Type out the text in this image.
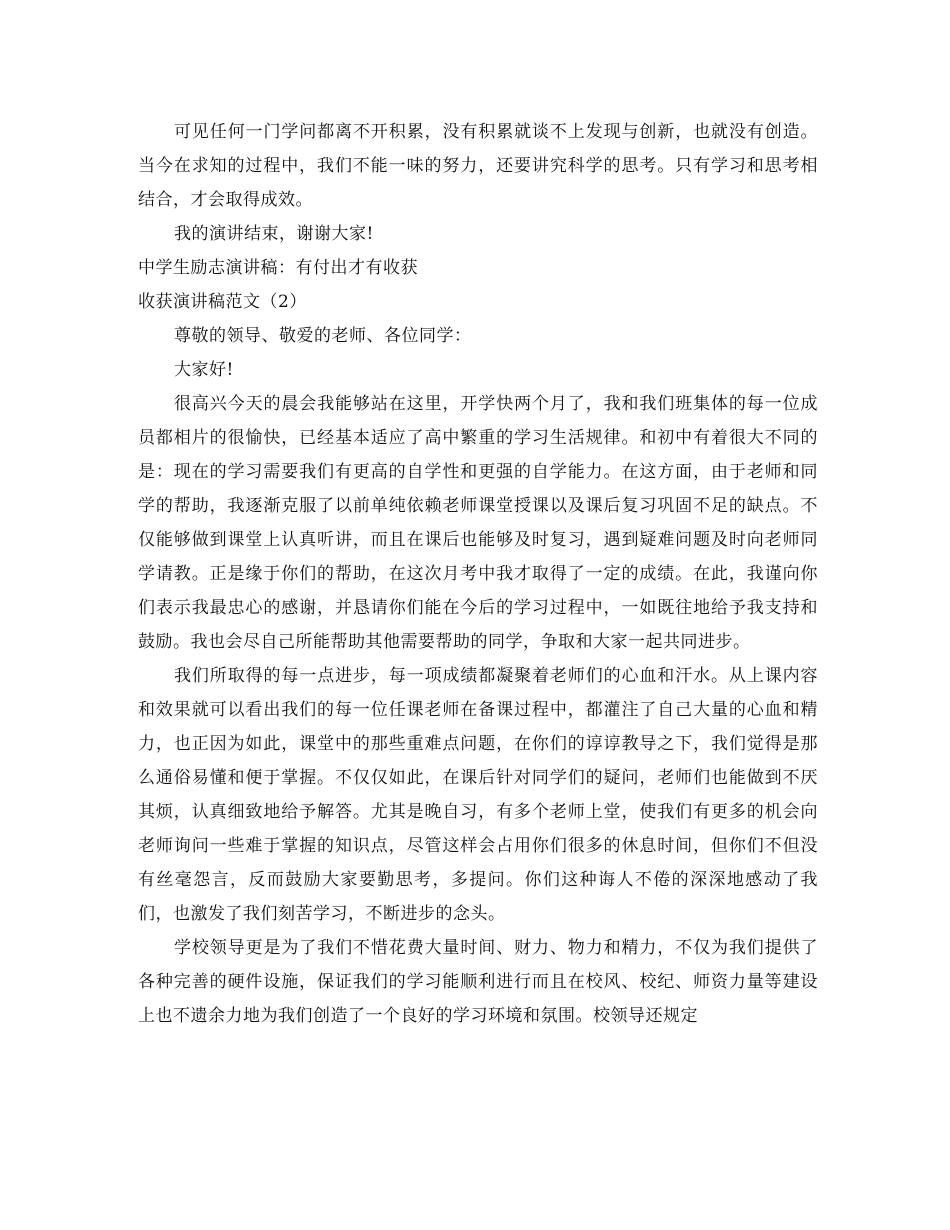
可见任何一门学问都离不开积累，没有积累就谈不上发现与创新，也就没有创造。当今在求知的过程中，我们不能一味的努力，还要讲究科学的思考。只有学习和思考相结合，才会取得成效。

我的演讲结束，谢谢大家!

中学生励志演讲稿：有付出才有收获

收获演讲稿范文（2）

尊敬的领导、敬爱的老师、各位同学：

大家好!

很高兴今天的晨会我能够站在这里，开学快两个月了，我和我们班集体的每一位成员都相片的很愉快，已经基本适应了高中繁重的学习生活规律。和初中有着很大不同的是：现在的学习需要我们有更高的自学性和更强的自学能力。在这方面，由于老师和同学的帮助，我逐渐克服了以前单纯依赖老师课堂授课以及课后复习巩固不足的缺点。不仅能够做到课堂上认真听讲，而且在课后也能够及时复习，遇到疑难问题及时向老师同学请教。正是缘于你们的帮助，在这次月考中我才取得了一定的成绩。在此，我谨向你们表示我最忠心的感谢，并恳请你们能在今后的学习过程中，一如既往地给予我支持和鼓励。我也会尽自己所能帮助其他需要帮助的同学，争取和大家一起共同进步。

我们所取得的每一点进步，每一项成绩都凝聚着老师们的心血和汗水。从上课内容和效果就可以看出我们的每一位任课老师在备课过程中，都灌注了自己大量的心血和精力，也正因为如此，课堂中的那些重难点问题，在你们的谆谆教导之下，我们觉得是那么通俗易懂和便于掌握。不仅仅如此，在课后针对同学们的疑问，老师们也能做到不厌其烦，认真细致地给予解答。尤其是晚自习，有多个老师上堂，使我们有更多的机会向老师询问一些难于掌握的知识点，尽管这样会占用你们很多的休息时间，但你们不但没有丝毫怨言，反而鼓励大家要勤思考，多提问。你们这种诲人不倦的深深地感动了我们，也激发了我们刻苦学习，不断进步的念头。

学校领导更是为了我们不惜花费大量时间、财力、物力和精力，不仅为我们提供了各种完善的硬件设施，保证我们的学习能顺利进行而且在校风、校纪、师资力量等建设上也不遗余力地为我们创造了一个良好的学习环境和氛围。校领导还规定
